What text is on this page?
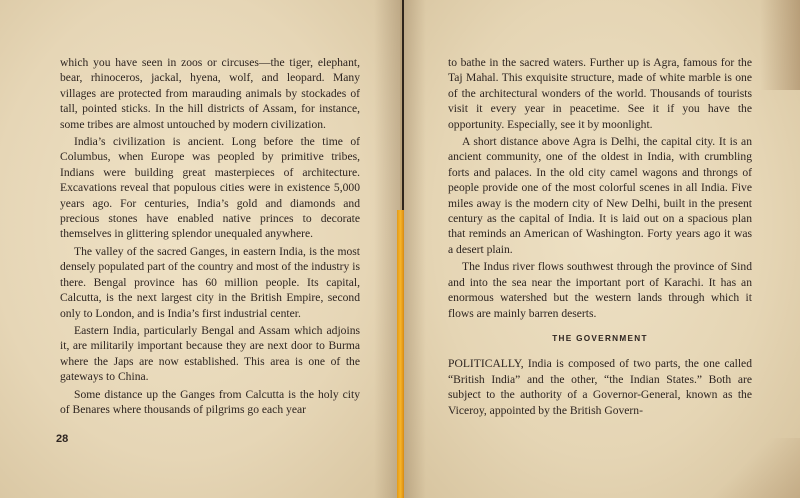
which you have seen in zoos or circuses—the tiger, elephant, bear, rhinoceros, jackal, hyena, wolf, and leopard. Many villages are protected from marauding animals by stockades of tall, pointed sticks. In the hill districts of Assam, for instance, some tribes are almost untouched by modern civilization.

India’s civilization is ancient. Long before the time of Columbus, when Europe was peopled by primitive tribes, Indians were building great masterpieces of architecture. Excavations reveal that populous cities were in existence 5,000 years ago. For centuries, India’s gold and diamonds and precious stones have enabled native princes to decorate themselves in glittering splendor unequaled anywhere.

The valley of the sacred Ganges, in eastern India, is the most densely populated part of the country and most of the industry is there. Bengal province has 60 million people. Its capital, Calcutta, is the next largest city in the British Empire, second only to London, and is India’s first industrial center.

Eastern India, particularly Bengal and Assam which adjoins it, are militarily important because they are next door to Burma where the Japs are now established. This area is one of the gateways to China.

Some distance up the Ganges from Calcutta is the holy city of Benares where thousands of pilgrims go each year

28

to bathe in the sacred waters. Further up is Agra, famous for the Taj Mahal. This exquisite structure, made of white marble is one of the architectural wonders of the world. Thousands of tourists visit it every year in peacetime. See it if you have the opportunity. Especially, see it by moonlight.

A short distance above Agra is Delhi, the capital city. It is an ancient community, one of the oldest in India, with crumbling forts and palaces. In the old city camel wagons and throngs of people provide one of the most colorful scenes in all India. Five miles away is the modern city of New Delhi, built in the present century as the capital of India. It is laid out on a spacious plan that reminds an American of Washington. Forty years ago it was a desert plain.

The Indus river flows southwest through the province of Sind and into the sea near the important port of Karachi. It has an enormous watershed but the western lands through which it flows are mainly barren deserts.

THE GOVERNMENT

POLITICALLY, India is composed of two parts, the one called “British India” and the other, “the Indian States.” Both are subject to the authority of a Governor-General, known as the Viceroy, appointed by the British Govern-
